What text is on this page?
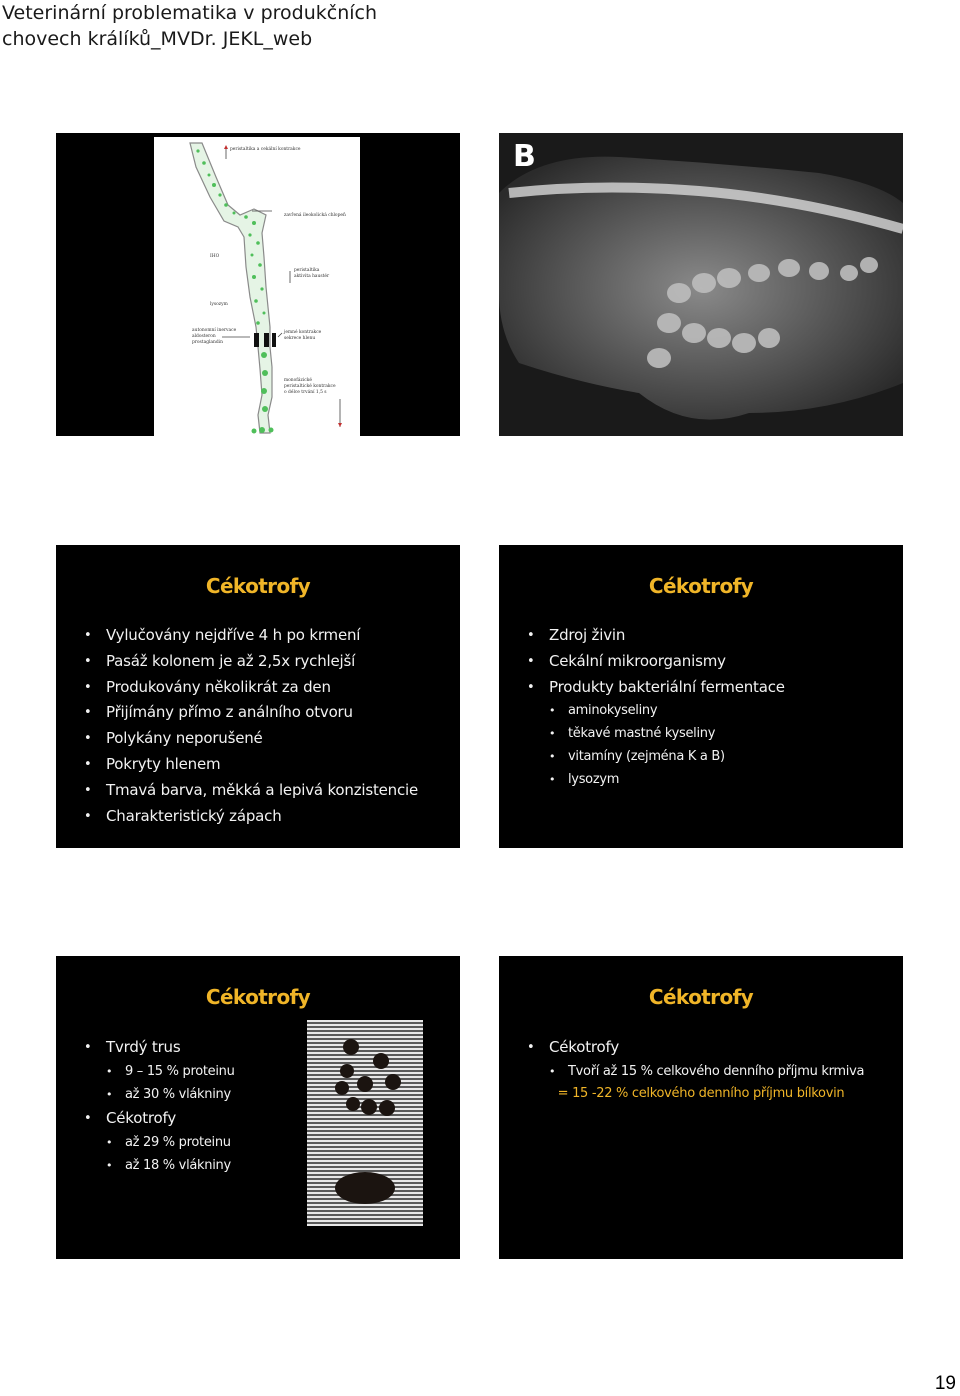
Veterinární problematika v produkčních
chovech králíků_MVDr. JEKL_web
peristaltika a cekální kontrakce
zavřená ileokolická chlopeň
IHO
peristaltika
aktivita haustér
lysozym
autonomní inervace
aldosteron
prostaglandin
jemné kontrakce
sekrece hlenu
monofázické
peristaltické kontrakce
o délce trvání 1,5 s
B
Cékotrofy
• Vylučovány nejdříve 4 h po krmení
• Pasáž kolonem je až 2,5x rychlejší
• Produkovány několikrát za den
• Přijímány přímo z análního otvoru
• Polykány neporušené
• Pokryty hlenem
• Tmavá barva, měkká a lepivá konzistencie
• Charakteristický zápach
Cékotrofy
• Zdroj živin
• Cekální mikroorganismy
• Produkty bakteriální fermentace
• aminokyseliny
• těkavé mastné kyseliny
• vitamíny (zejména K a B)
• lysozym
Cékotrofy
• Tvrdý trus
• 9 – 15 % proteinu
• až 30 % vlákniny
• Cékotrofy
• až 29 % proteinu
• až 18 % vlákniny
Cékotrofy
• Cékotrofy
• Tvoří až 15 % celkového denního příjmu krmiva
= 15 -22 % celkového denního příjmu bílkovin
19
